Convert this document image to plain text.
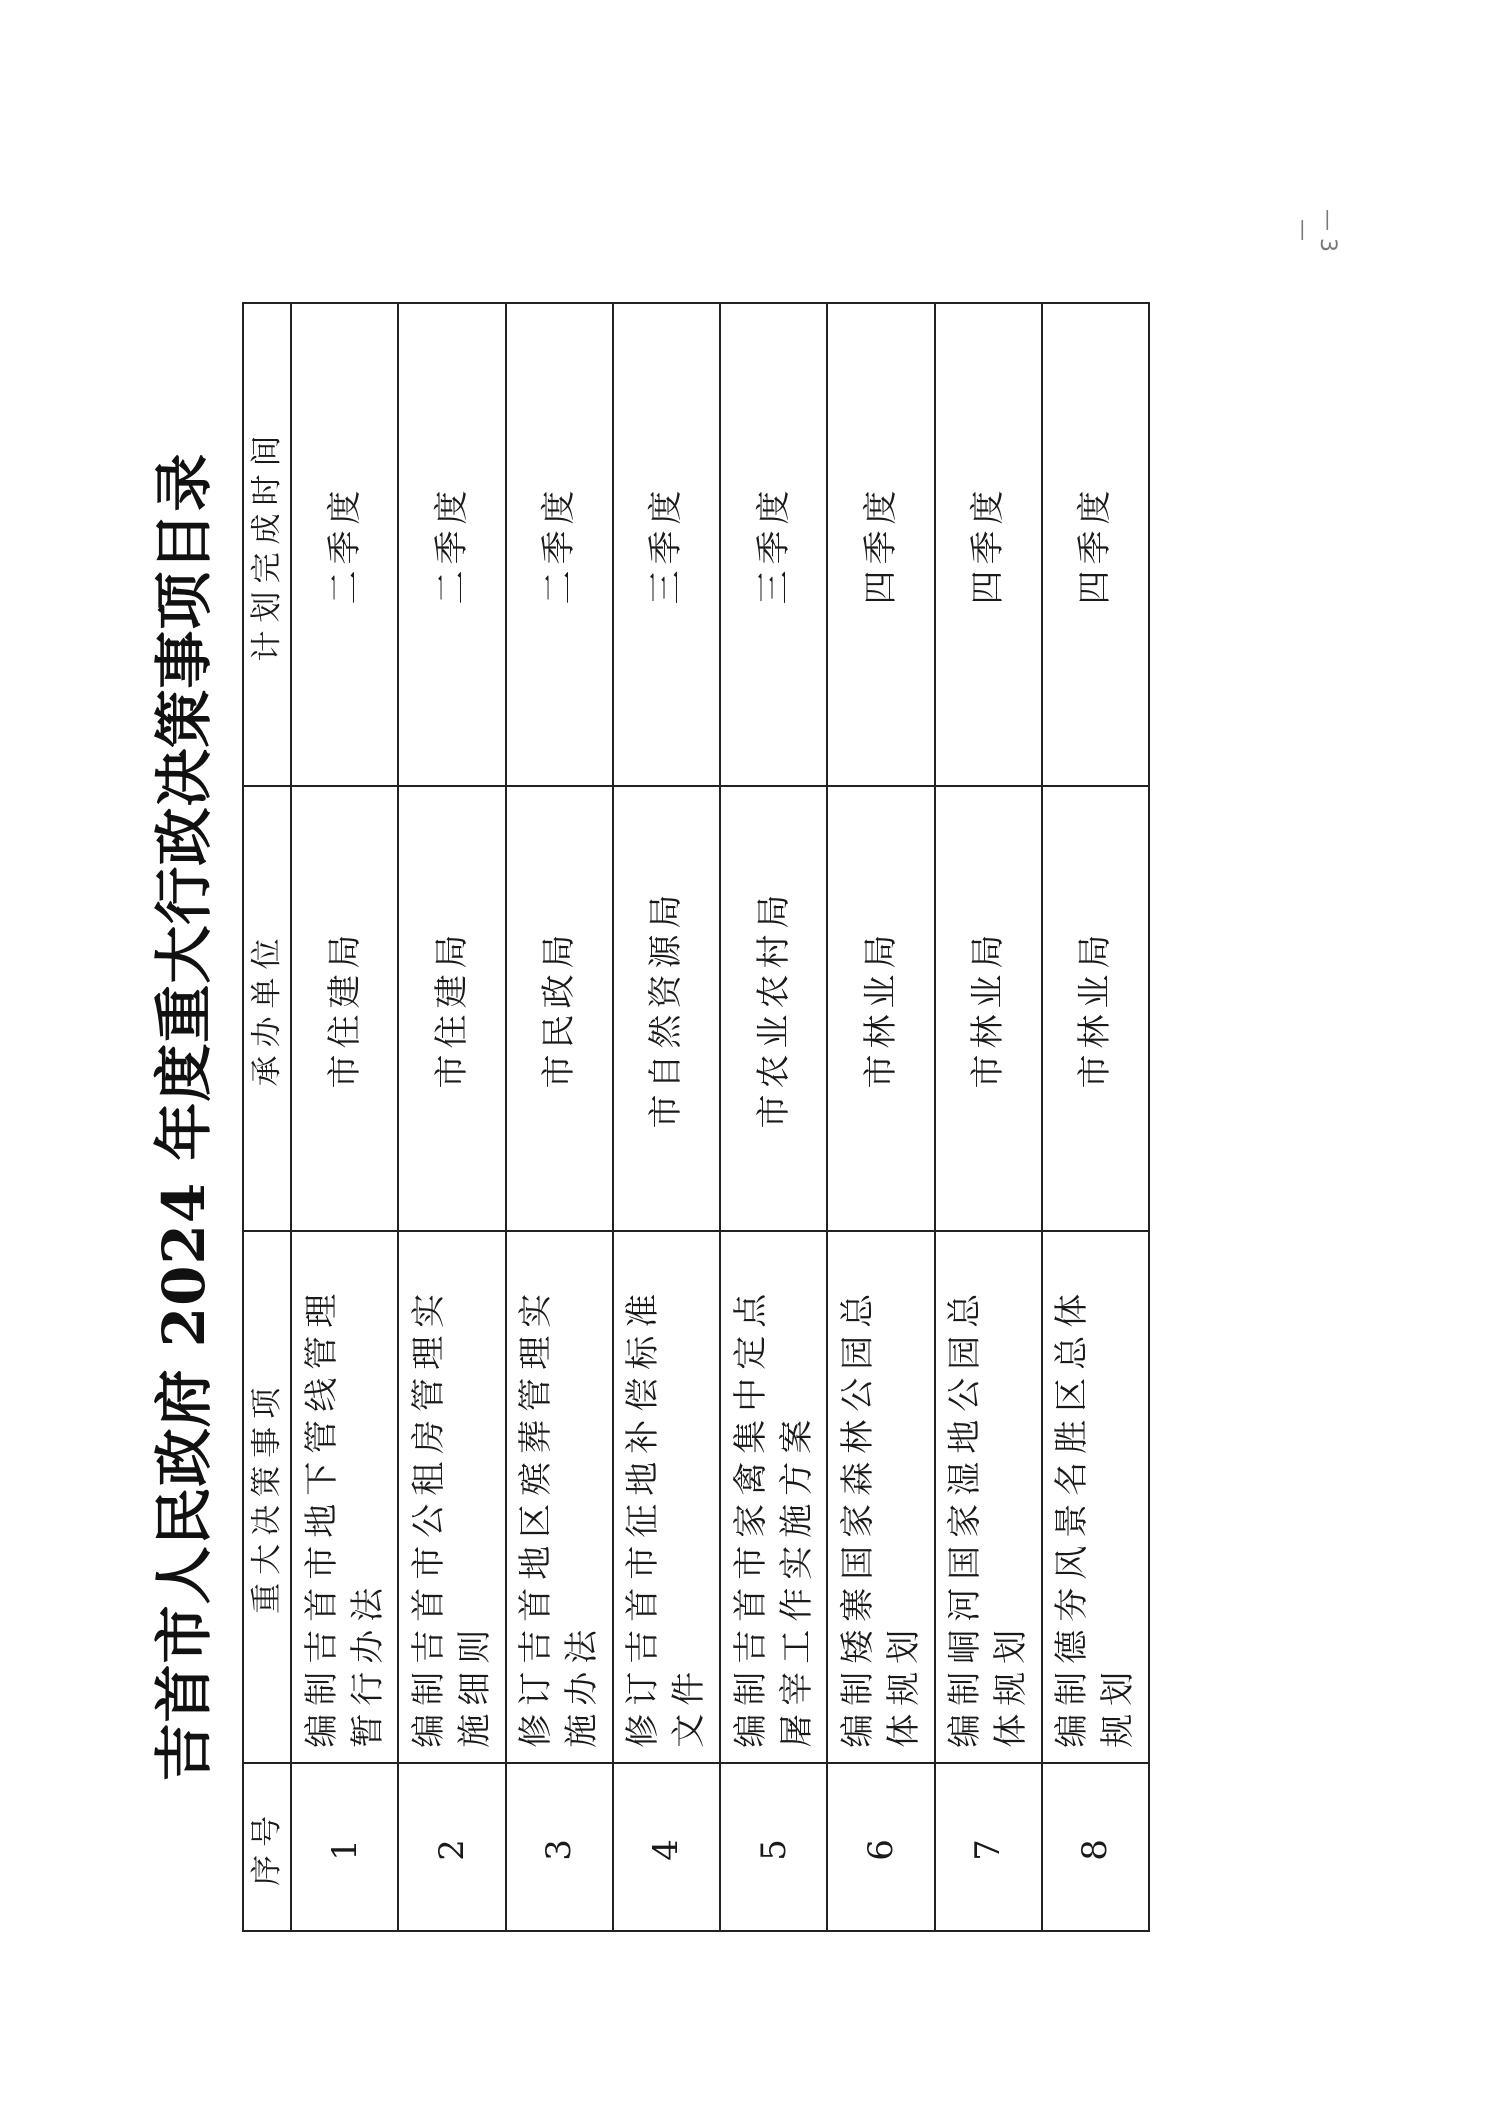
— 3 —
吉首市人民政府 2024 年度重大行政决策事项目录
序号	重大决策事项	承办单位	计划完成时间
1	编制吉首市地下管线管理暂行办法	市住建局	二季度
2	编制吉首市公租房管理实施细则	市住建局	二季度
3	修订吉首地区殡葬管理实施办法	市民政局	二季度
4	修订吉首市征地补偿标准文件	市自然资源局	三季度
5	编制吉首市家禽集中定点屠宰工作实施方案	市农业农村局	三季度
6	编制矮寨国家森林公园总体规划	市林业局	四季度
7	编制峒河国家湿地公园总体规划	市林业局	四季度
8	编制德夯风景名胜区总体规划	市林业局	四季度
